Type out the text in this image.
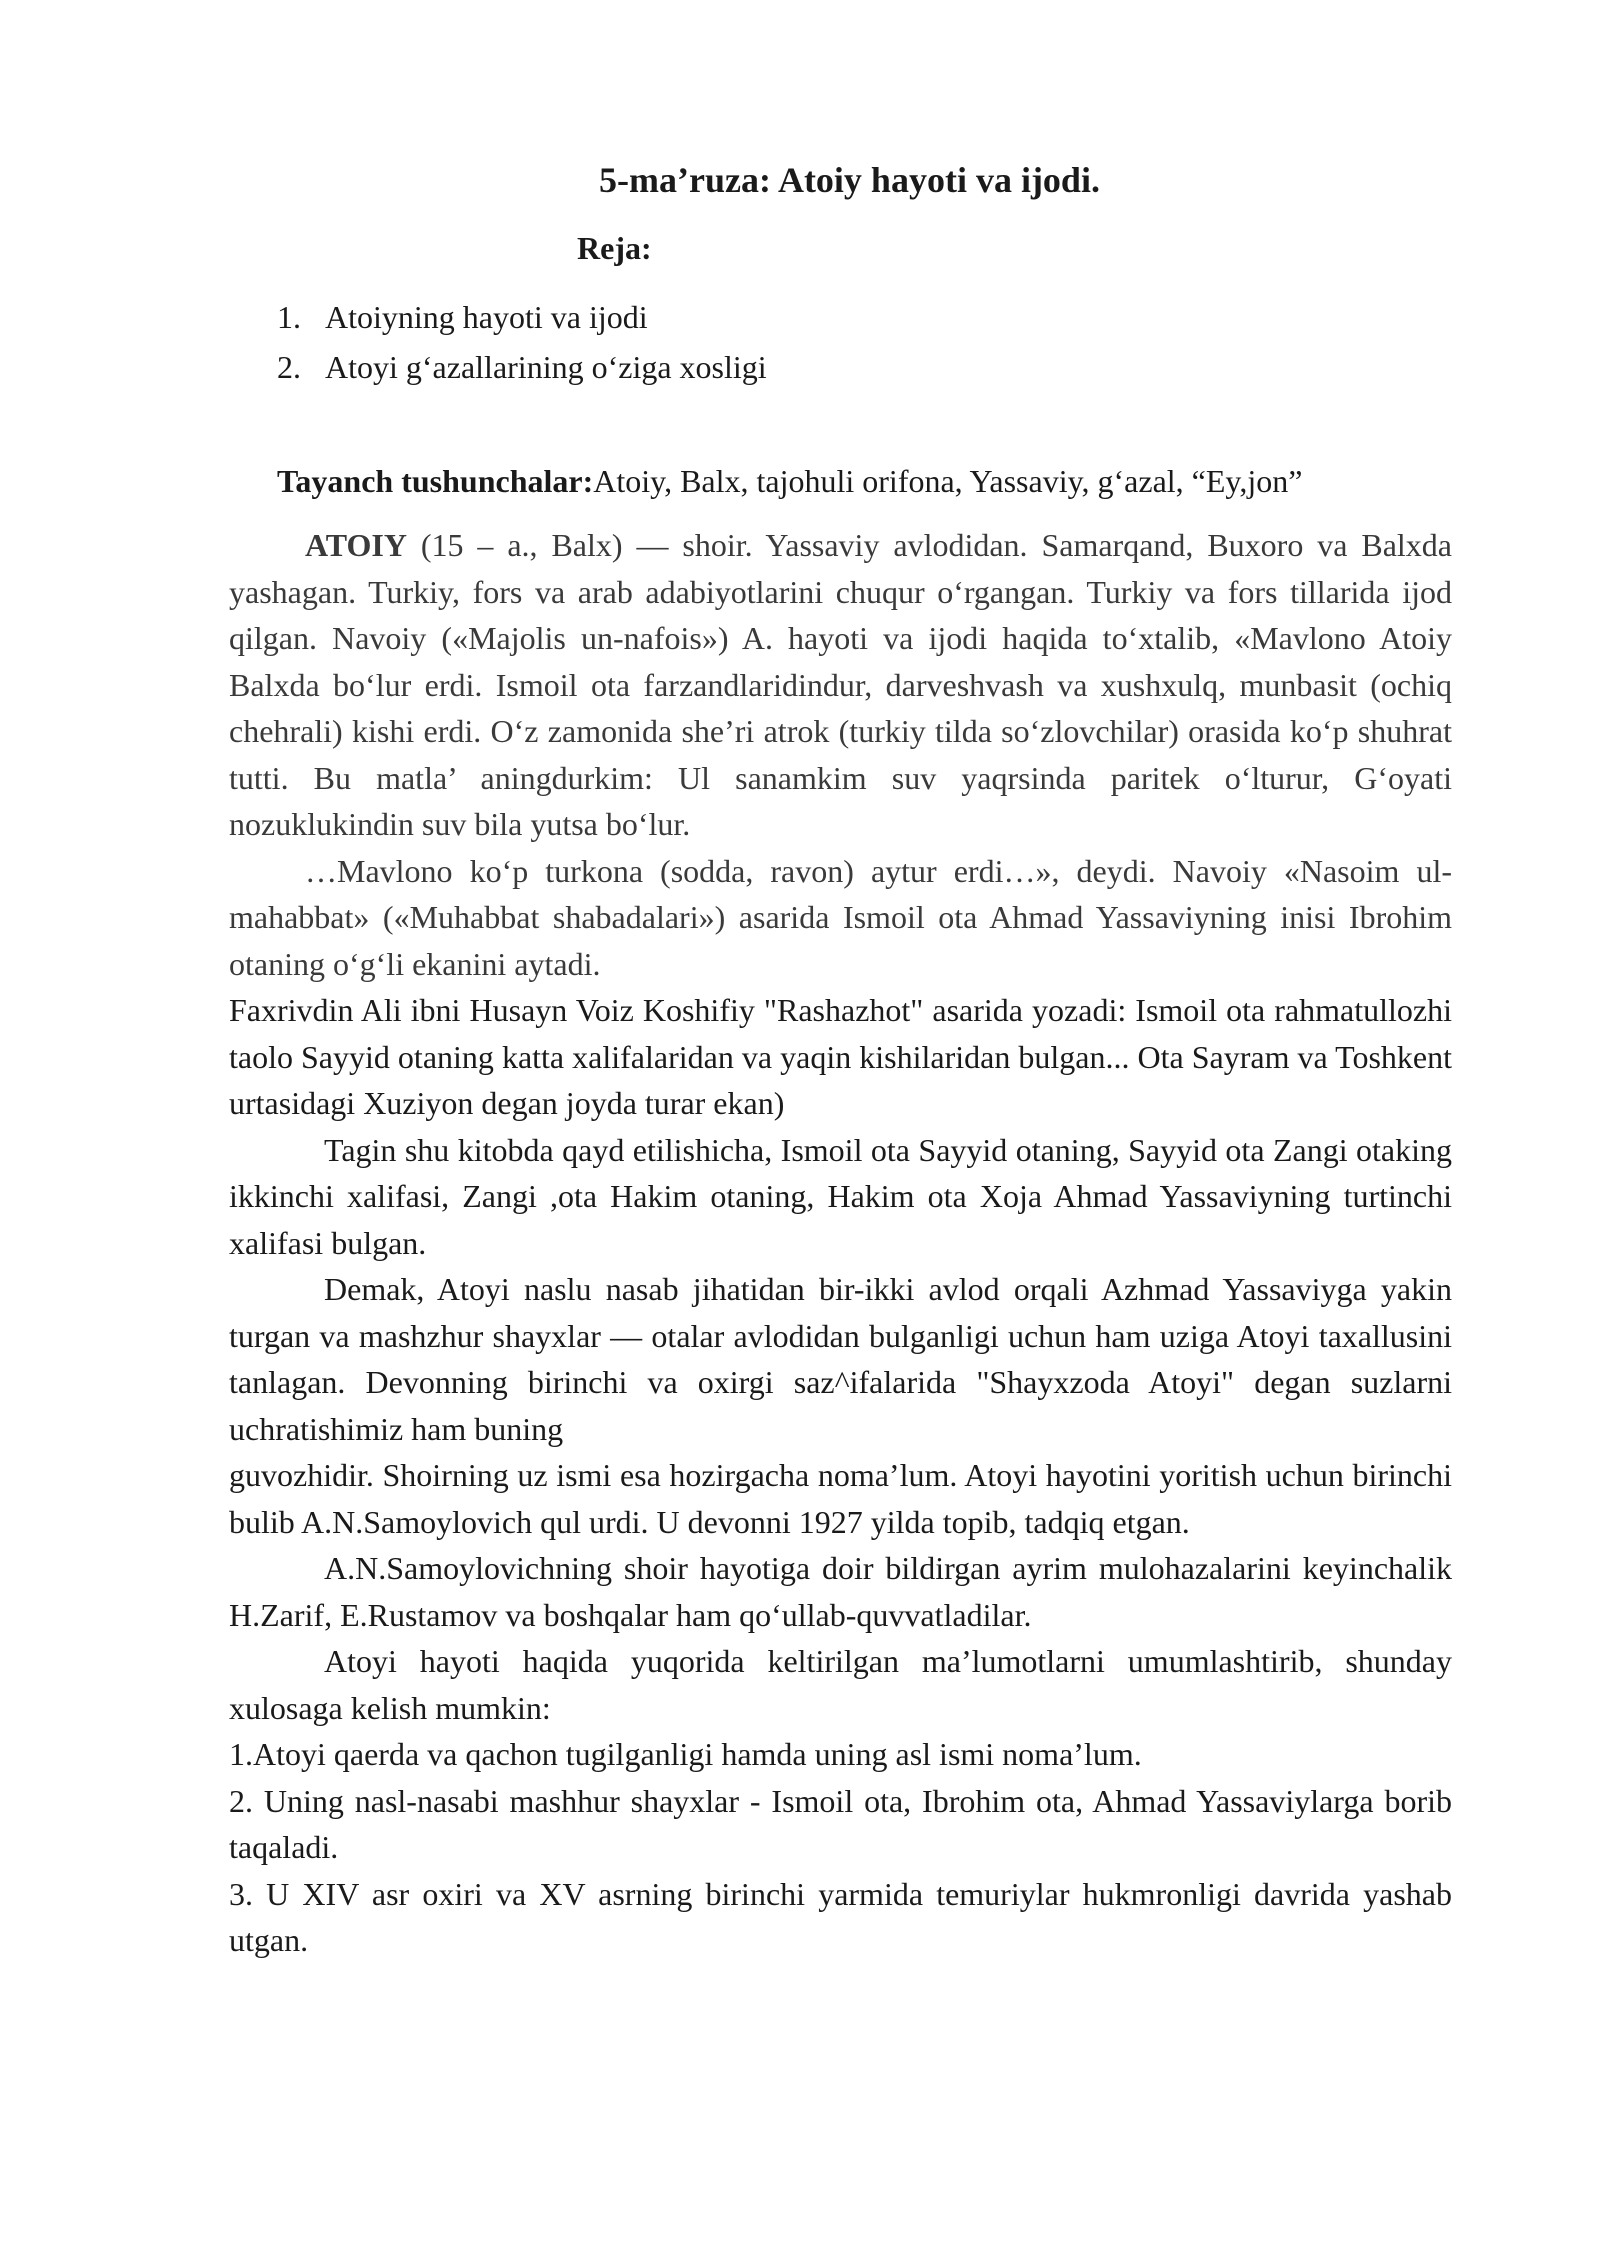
5-ma’ruza: Atoiy hayoti va ijodi.
Reja:
1. Atoiyning hayoti va ijodi
2. Atoyi g‘azallarining o‘ziga xosligi
Tayanch tushunchalar:Atoiy, Balx, tajohuli orifona, Yassaviy, g‘azal, “Ey,jon”

ATOIY (15 – a., Balx) — shoir. Yassaviy avlodidan. Samarqand, Buxoro va Balxda yashagan. Turkiy, fors va arab adabiyotlarini chuqur o‘rgangan. Turkiy va fors tillarida ijod qilgan. Navoiy («Majolis un-nafois») A. hayoti va ijodi haqida to‘xtalib, «Mavlono Atoiy Balxda bo‘lur erdi. Ismoil ota farzandlaridindur, darveshvash va xushxulq, munbasit (ochiq chehrali) kishi erdi. O‘z zamonida she’ri atrok (turkiy tilda so‘zlovchilar) orasida ko‘p shuhrat tutti. Bu matla’ aningdurkim: Ul sanamkim suv yaqrsinda paritek o‘lturur, G‘oyati nozuklukindin suv bila yutsa bo‘lur.

…Mavlono ko‘p turkona (sodda, ravon) aytur erdi…», deydi. Navoiy «Nasoim ul-mahabbat» («Muhabbat shabadalari») asarida Ismoil ota Ahmad Yassaviyning inisi Ibrohim otaning o‘g‘li ekanini aytadi.

Faxrivdin Ali ibni Husayn Voiz Koshifiy "Rashazhot" asarida yozadi: Ismoil ota rahmatullozhi taolo Sayyid otaning katta xalifalaridan va yaqin kishilaridan bulgan... Ota Sayram va Toshkent urtasidagi Xuziyon degan joyda turar ekan)

Tagin shu kitobda qayd etilishicha, Ismoil ota Sayyid otaning, Sayyid ota Zangi otaking ikkinchi xalifasi, Zangi ,ota Hakim otaning, Hakim ota Xoja Ahmad Yassaviyning turtinchi xalifasi bulgan.

Demak, Atoyi naslu nasab jihatidan bir-ikki avlod orqali Azhmad Yassaviyga yakin turgan va mashzhur shayxlar — otalar avlodidan bulganligi uchun ham uziga Atoyi taxallusini tanlagan. Devonning birinchi va oxirgi saz^ifalarida "Shayxzoda Atoyi" degan suzlarni uchratishimiz ham buning

guvozhidir. Shoirning uz ismi esa hozirgacha noma’lum. Atoyi hayotini yoritish uchun birinchi bulib A.N.Samoylovich qul urdi. U devonni 1927 yilda topib, tadqiq etgan.

A.N.Samoylovichning shoir hayotiga doir bildirgan ayrim mulohazalarini keyinchalik H.Zarif, E.Rustamov va boshqalar ham qo‘ullab-quvvatladilar.

Atoyi hayoti haqida yuqorida keltirilgan ma’lumotlarni umumlashtirib, shunday xulosaga kelish mumkin:

1.Atoyi qaerda va qachon tugilganligi hamda uning asl ismi noma’lum.

2. Uning nasl-nasabi mashhur shayxlar - Ismoil ota, Ibrohim ota, Ahmad Yassaviylarga borib taqaladi.

3. U XIV asr oxiri va XV asrning birinchi yarmida temuriylar hukmronligi davrida yashab utgan.
